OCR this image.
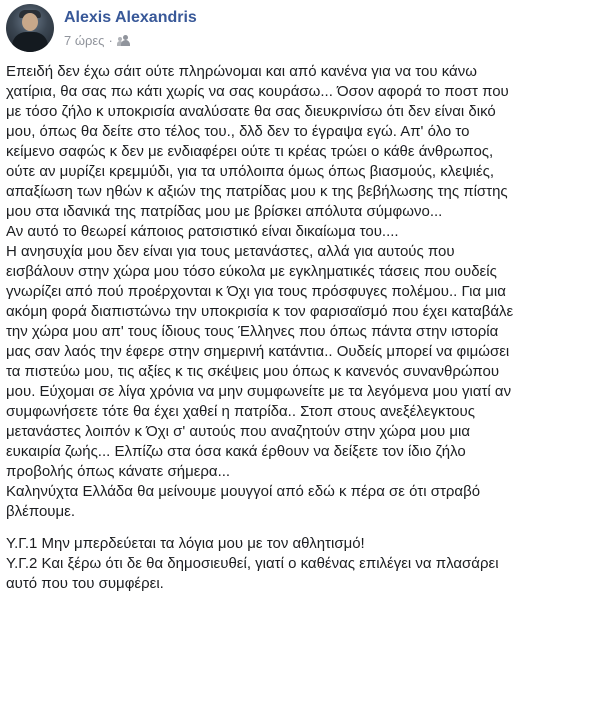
Alexis Alexandris
7 ώρες ·
Επειδή δεν έχω σάιτ ούτε πληρώνομαι και από κανένα για να του κάνω
χατίρια, θα σας πω κάτι χωρίς να σας κουράσω... Όσον αφορά το ποστ που
με τόσο ζήλο κ υποκρισία αναλύσατε θα σας διευκρινίσω ότι δεν είναι δικό
μου, όπως θα δείτε στο τέλος του., δλδ δεν το έγραψα εγώ. Απ' όλο το
κείμενο σαφώς κ δεν με ενδιαφέρει ούτε τι κρέας τρώει ο κάθε άνθρωπος,
ούτε αν μυρίζει κρεμμύδι, για τα υπόλοιπα όμως όπως βιασμούς, κλεψιές,
απαξίωση των ηθών κ αξιών της πατρίδας μου κ της βεβήλωσης της πίστης
μου στα ιδανικά της πατρίδας μου με βρίσκει απόλυτα σύμφωνο...
Αν αυτό το θεωρεί κάποιος ρατσιστικό είναι δικαίωμα του....
Η ανησυχία μου δεν είναι για τους μετανάστες, αλλά για αυτούς που
εισβάλουν στην χώρα μου τόσο εύκολα με εγκληματικές τάσεις που ουδείς
γνωρίζει από πού προέρχονται κ Όχι για τους πρόσφυγες πολέμου.. Για μια
ακόμη φορά διαπιστώνω την υποκρισία κ τον φαρισαϊσμό που έχει καταβάλε
την χώρα μου απ' τους ίδιους τους Έλληνες που όπως πάντα στην ιστορία
μας σαν λαός την έφερε στην σημερινή κατάντια.. Ουδείς μπορεί να φιμώσει
τα πιστεύω μου, τις αξίες κ τις σκέψεις μου όπως κ κανενός συνανθρώπου
μου. Εύχομαι σε λίγα χρόνια να μην συμφωνείτε με τα λεγόμενα μου γιατί αν
συμφωνήσετε τότε θα έχει χαθεί η πατρίδα.. Στοπ στους ανεξέλεγκτους
μετανάστες λοιπόν κ Όχι σ' αυτούς που αναζητούν στην χώρα μου μια
ευκαιρία ζωής... Ελπίζω στα όσα κακά έρθουν να δείξετε τον ίδιο ζήλο
προβολής όπως κάνατε σήμερα...
Καληνύχτα Ελλάδα θα μείνουμε μουγγοί από εδώ κ πέρα σε ότι στραβό
βλέπουμε.
Υ.Γ.1 Μην μπερδεύεται τα λόγια μου με τον αθλητισμό!
Υ.Γ.2 Και ξέρω ότι δε θα δημοσιευθεί, γιατί ο καθένας επιλέγει να πλασάρει
αυτό που του συμφέρει.
